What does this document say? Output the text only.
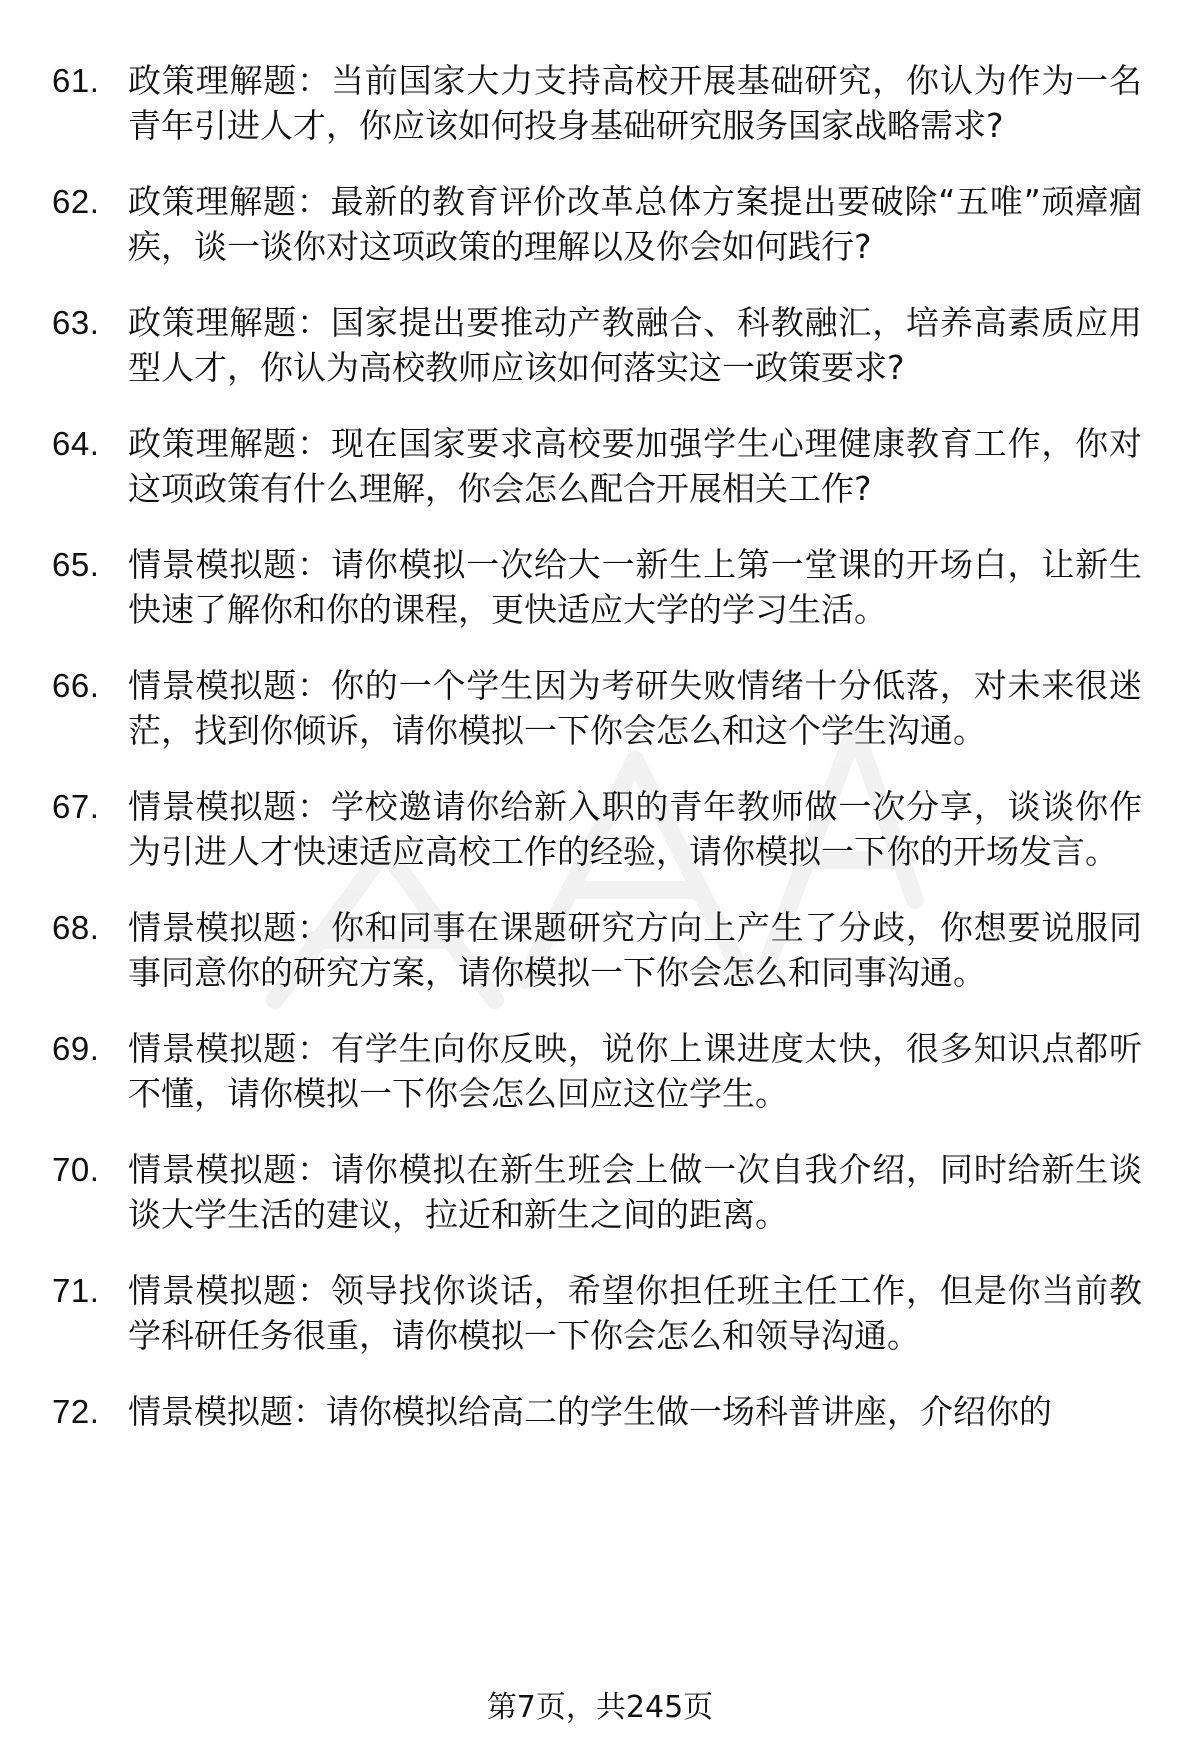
61. 政策理解题：当前国家大力支持高校开展基础研究，你认为作为一名青年引进人才，你应该如何投身基础研究服务国家战略需求?
62. 政策理解题：最新的教育评价改革总体方案提出要破除“五唯”顽瘴痼疾，谈一谈你对这项政策的理解以及你会如何践行?
63. 政策理解题：国家提出要推动产教融合、科教融汇，培养高素质应用型人才，你认为高校教师应该如何落实这一政策要求?
64. 政策理解题：现在国家要求高校要加强学生心理健康教育工作，你对这项政策有什么理解，你会怎么配合开展相关工作?
65. 情景模拟题：请你模拟一次给大一新生上第一堂课的开场白，让新生快速了解你和你的课程，更快适应大学的学习生活。
66. 情景模拟题：你的一个学生因为考研失败情绪十分低落，对未来很迷茫，找到你倾诉，请你模拟一下你会怎么和这个学生沟通。
67. 情景模拟题：学校邀请你给新入职的青年教师做一次分享，谈谈你作为引进人才快速适应高校工作的经验，请你模拟一下你的开场发言。
68. 情景模拟题：你和同事在课题研究方向上产生了分歧，你想要说服同事同意你的研究方案，请你模拟一下你会怎么和同事沟通。
69. 情景模拟题：有学生向你反映，说你上课进度太快，很多知识点都听不懂，请你模拟一下你会怎么回应这位学生。
70. 情景模拟题：请你模拟在新生班会上做一次自我介绍，同时给新生谈谈大学生活的建议，拉近和新生之间的距离。
71. 情景模拟题：领导找你谈话，希望你担任班主任工作，但是你当前教学科研任务很重，请你模拟一下你会怎么和领导沟通。
72. 情景模拟题：请你模拟给高二的学生做一场科普讲座，介绍你的
第7页，共245页
